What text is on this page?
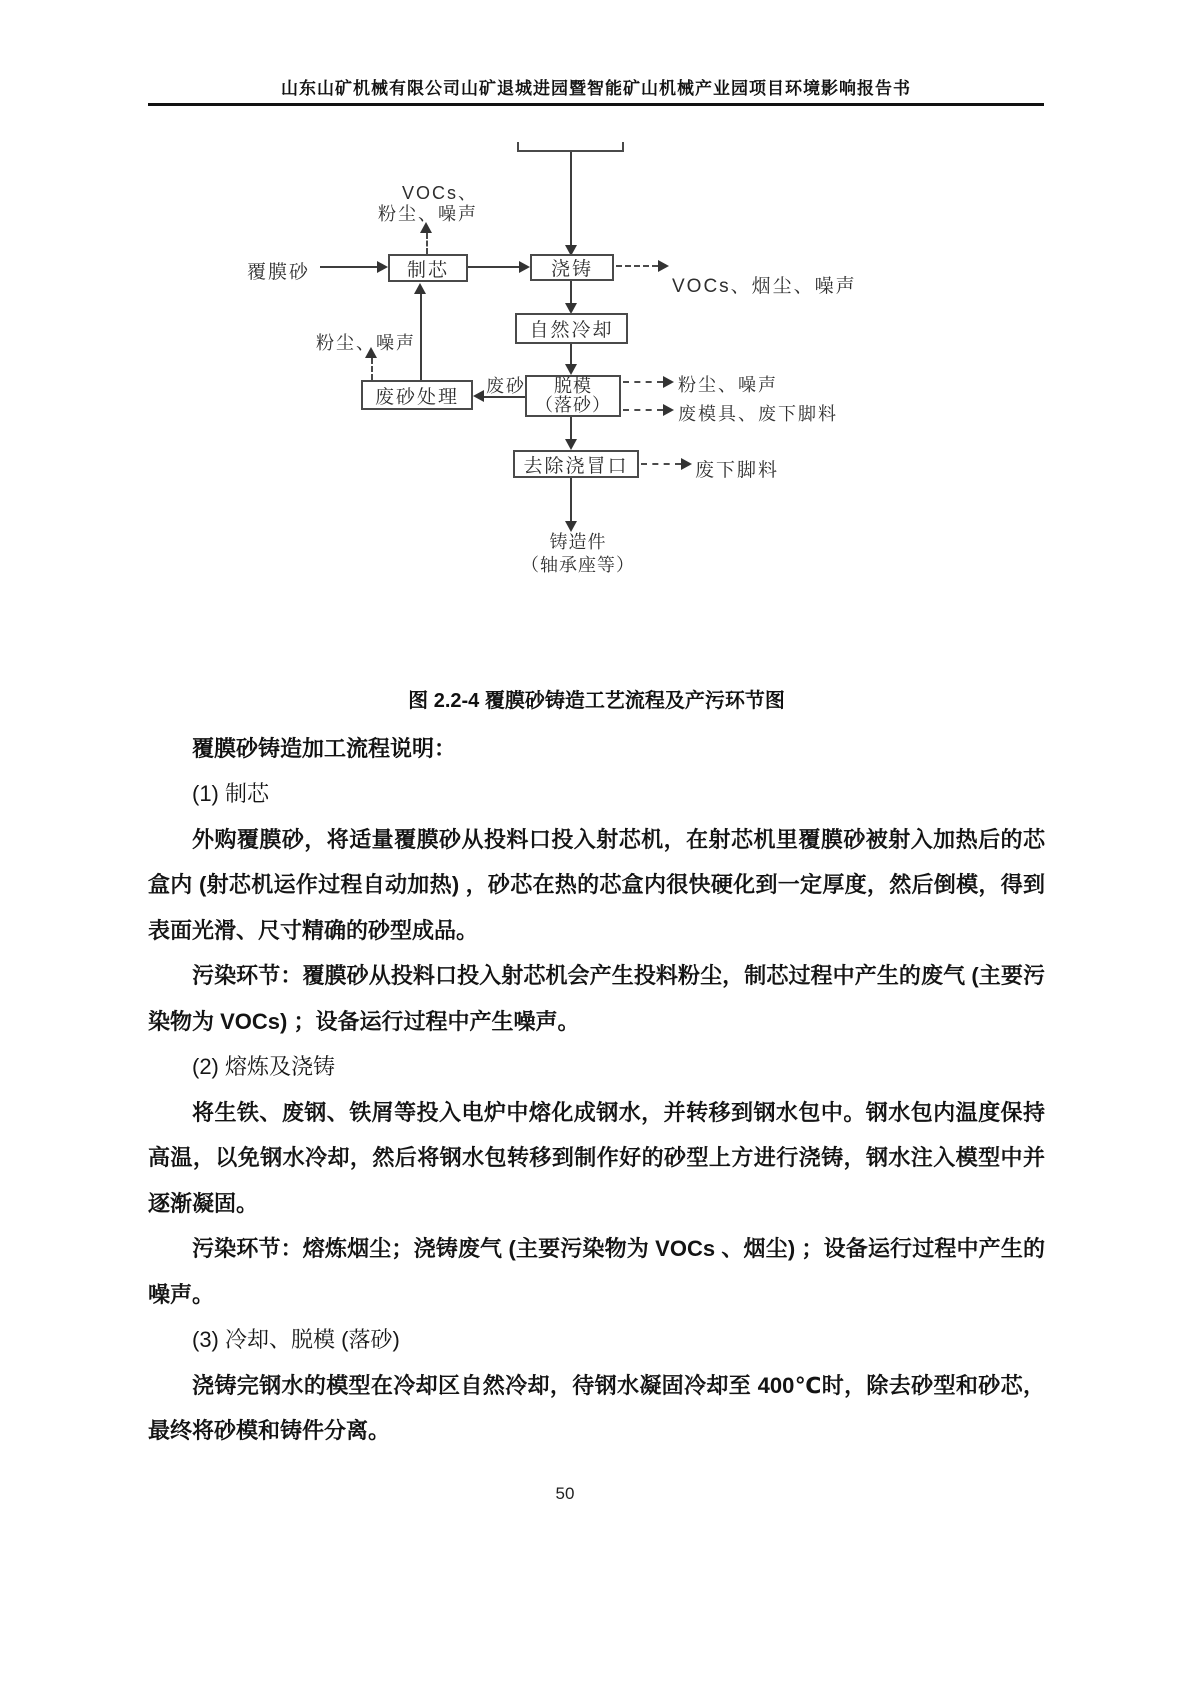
山东山矿机械有限公司山矿退城进园暨智能矿山机械产业园项目环境影响报告书
覆膜砂	制芯
VOCs、
粉尘、噪声
浇铸
VOCs、烟尘、噪声
自然冷却
脱模
（落砂）
废砂
废砂处理
粉尘、噪声
粉尘、噪声
废模具、废下脚料
去除浇冒口	废下脚料
铸造件
（轴承座等）

图 2.2-4 覆膜砂铸造工艺流程及产污环节图

覆膜砂铸造加工流程说明：

(1) 制芯

外购覆膜砂，将适量覆膜砂从投料口投入射芯机，在射芯机里覆膜砂被射入加热后的芯盒内 (射芯机运作过程自动加热) ，砂芯在热的芯盒内很快硬化到一定厚度，然后倒模，得到表面光滑、尺寸精确的砂型成品。

污染环节：覆膜砂从投料口投入射芯机会产生投料粉尘，制芯过程中产生的废气 (主要污染物为 VOCs) ；设备运行过程中产生噪声。

(2) 熔炼及浇铸

将生铁、废钢、铁屑等投入电炉中熔化成钢水，并转移到钢水包中。钢水包内温度保持高温，以免钢水冷却，然后将钢水包转移到制作好的砂型上方进行浇铸，钢水注入模型中并逐渐凝固。

污染环节：熔炼烟尘；浇铸废气 (主要污染物为 VOCs 、烟尘) ；设备运行过程中产生的噪声。

(3) 冷却、脱模 (落砂)

浇铸完钢水的模型在冷却区自然冷却，待钢水凝固冷却至 400℃时，除去砂型和砂芯，最终将砂模和铸件分离。

50
